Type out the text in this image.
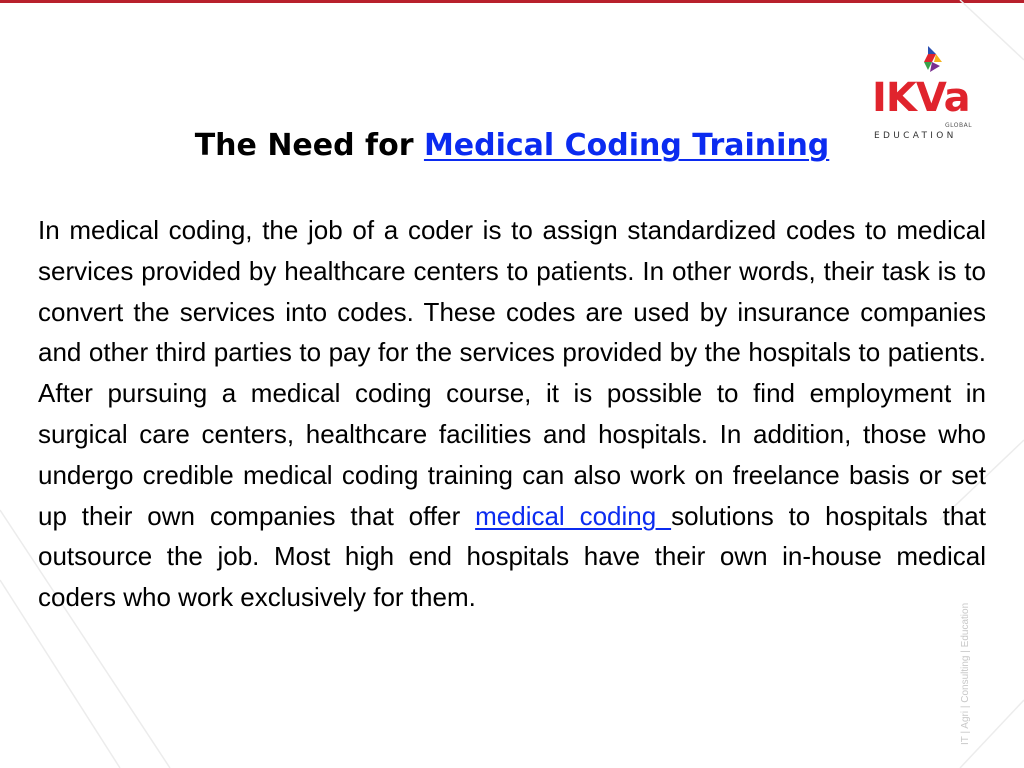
IKVa
GLOBAL
EDUCATION
The Need for Medical Coding Training
In medical coding, the job of a coder is to assign standardized codes to medical services provided by healthcare centers to patients. In other words, their task is to convert the services into codes. These codes are used by insurance companies and other third parties to pay for the services provided by the hospitals to patients. After pursuing a medical coding course, it is possible to find employment in surgical care centers, healthcare facilities and hospitals. In addition, those who undergo credible medical coding training can also work on freelance basis or set up their own companies that offer medical coding solutions to hospitals that outsource the job. Most high end hospitals have their own in-house medical coders who work exclusively for them.
IT | Agri | Consulting | Education
